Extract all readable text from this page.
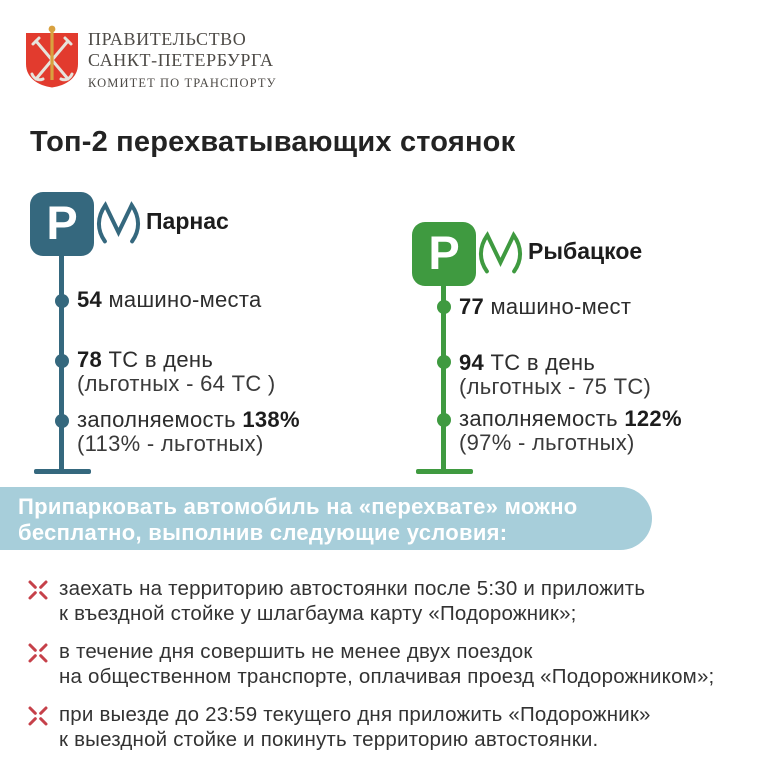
ПРАВИТЕЛЬСТВО
САНКТ-ПЕТЕРБУРГА
КОМИТЕТ ПО ТРАНСПОРТУ
Топ-2 перехватывающих стоянок
Р	Парнас
54 машино-места
78 ТС в день
(льготных - 64 ТС )
заполняемость 138%
(113% - льготных)
Р	Рыбацкое
77 машино-мест
94 ТС в день
(льготных - 75 ТС)
заполняемость 122%
(97% - льготных)
Припарковать автомобиль на «перехвате» можно
бесплатно, выполнив следующие условия:
заехать на территорию автостоянки после 5:30 и приложить
к въездной стойке у шлагбаума карту «Подорожник»;
в течение дня совершить не менее двух поездок
на общественном транспорте, оплачивая проезд «Подорожником»;
при выезде до 23:59 текущего дня приложить «Подорожник»
к выездной стойке и покинуть территорию автостоянки.
